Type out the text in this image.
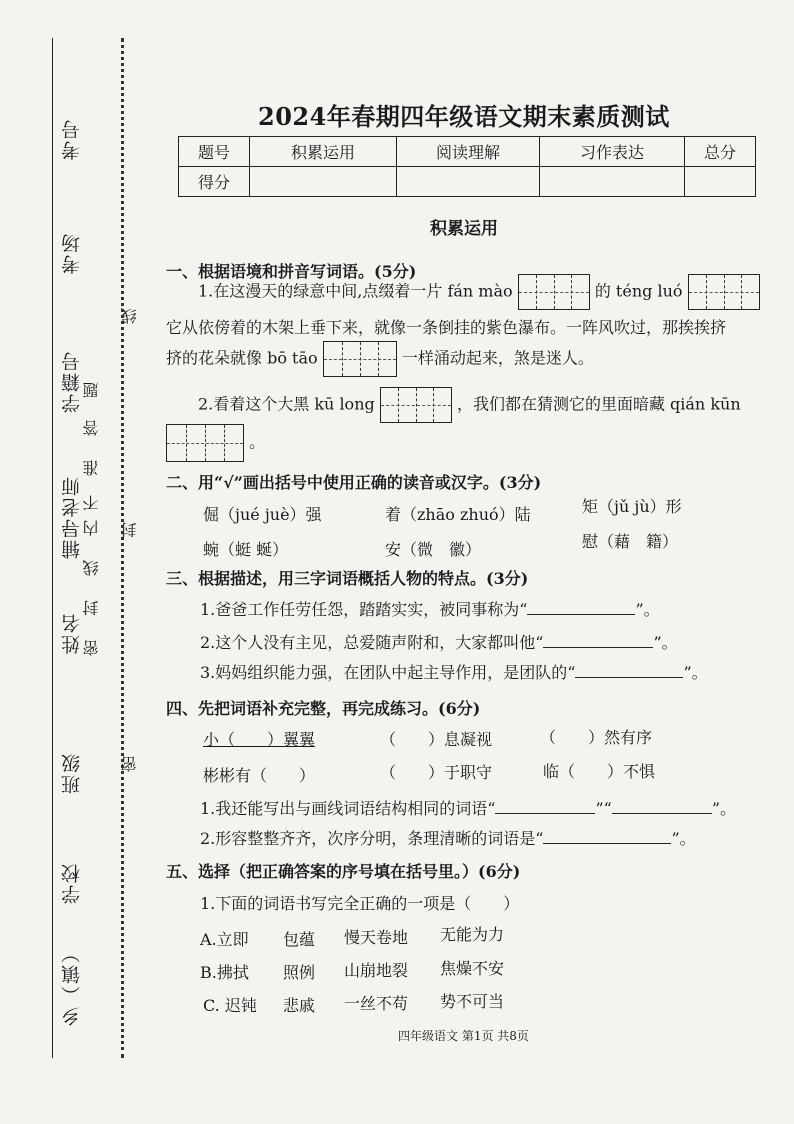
考号
考场
学籍号
辅导老师
姓名
班级
学校
乡（镇）
密
封
线
内
不
准
答
题
线
封
密
2024年春期四年级语文期末素质测试
题号	积累运用	阅读理解	习作表达	总分
得分				
积累运用
一、根据语境和拼音写词语。(5分)
1.在这漫天的绿意中间,点缀着一片 fán mào	的 téng luó
它从依傍着的木架上垂下来，就像一条倒挂的紫色瀑布。一阵风吹过，那挨挨挤
挤的花朵就像 bō tāo	一样涌动起来，煞是迷人。
2.看着这个大黑 kū long	，我们都在猜测它的里面暗藏 qián kūn
。
二、用“√”画出括号中使用正确的读音或汉字。(3分)
倔（jué juè）强	着（zhāo zhuó）陆	矩（jǔ jù）形
蜿（蜓 蜒）	安（微　徽）	慰（藉　籍）
三、根据描述，用三字词语概括人物的特点。(3分)
1.爸爸工作任劳任怨，踏踏实实，被同事称为“	”。
2.这个人没有主见，总爱随声附和，大家都叫他“	”。
3.妈妈组织能力强，在团队中起主导作用，是团队的“	”。
四、先把词语补充完整，再完成练习。(6分)
小（　　）翼翼	（　　）息凝视	（　　）然有序
彬彬有（　　）	（　　）于职守	临（　　）不惧
1.我还能写出与画线词语结构相同的词语“	”“	”。
2.形容整整齐齐，次序分明，条理清晰的词语是“	”。
五、选择（把正确答案的序号填在括号里。）(6分)
1.下面的词语书写完全正确的一项是（　　）
A.立即 包蕴 慢天卷地 无能为力
B.拂拭 照例 山崩地裂 焦燥不安
C. 迟钝 悲戚 一丝不苟 势不可当
四年级语文 第1页 共8页
